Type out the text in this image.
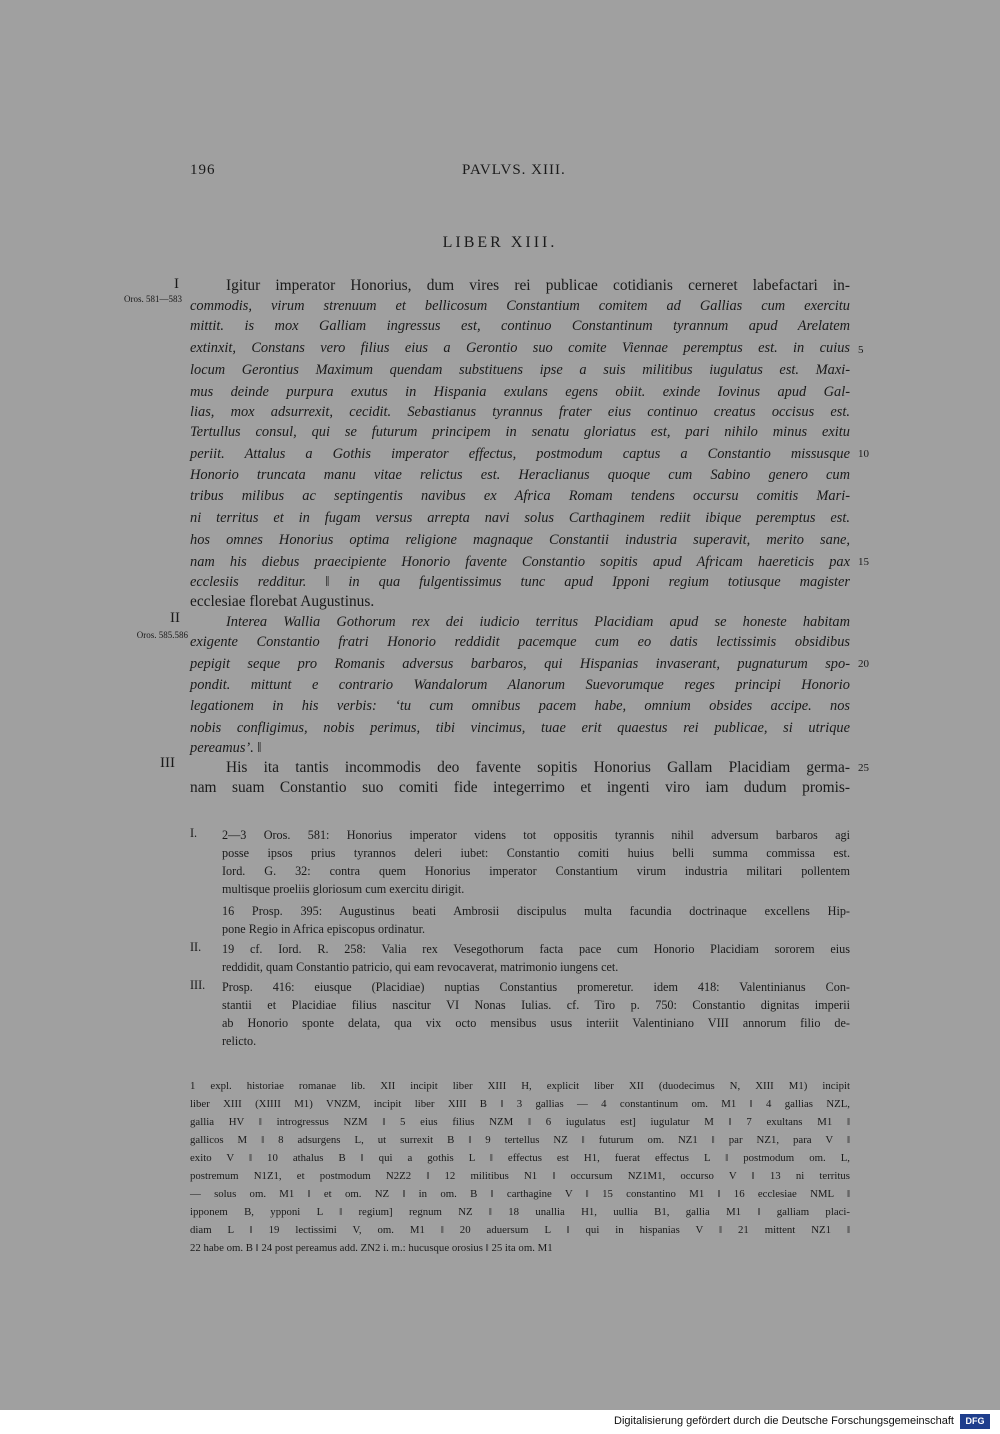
196	PAVLVS. XIII.
LIBER XIII.
I
Oros. 581—583
II
Oros. 585.586
III
Igitur imperator Honorius, dum vires rei publicae cotidianis cerneret labefactari in-
commodis, virum strenuum et bellicosum Constantium comitem ad Gallias cum exercitu
mittit. is mox Galliam ingressus est, continuo Constantinum tyrannum apud Arelatem
extinxit, Constans vero filius eius a Gerontio suo comite Viennae peremptus est. in cuius
locum Gerontius Maximum quendam substituens ipse a suis militibus iugulatus est. Maxi-
mus deinde purpura exutus in Hispania exulans egens obiit. exinde Iovinus apud Gal-
lias, mox adsurrexit, cecidit. Sebastianus tyrannus frater eius continuo creatus occisus est.
Tertullus consul, qui se futurum principem in senatu gloriatus est, pari nihilo minus exitu
periit. Attalus a Gothis imperator effectus, postmodum captus a Constantio missusque
Honorio truncata manu vitae relictus est. Heraclianus quoque cum Sabino genero cum
tribus milibus ac septingentis navibus ex Africa Romam tendens occursu comitis Mari-
ni territus et in fugam versus arrepta navi solus Carthaginem rediit ibique peremptus est.
hos omnes Honorius optima religione magnaque Constantii industria superavit, merito sane,
nam his diebus praecipiente Honorio favente Constantio sopitis apud Africam haereticis pax
ecclesiis redditur. ‖ in qua fulgentissimus tunc apud Ipponi regium totiusque magister
ecclesiae florebat Augustinus.
Interea Wallia Gothorum rex dei iudicio territus Placidiam apud se honeste habitam
exigente Constantio fratri Honorio reddidit pacemque cum eo datis lectissimis obsidibus
pepigit seque pro Romanis adversus barbaros, qui Hispanias invaserant, pugnaturum spo-
pondit. mittunt e contrario Wandalorum Alanorum Suevorumque reges principi Honorio
legationem in his verbis: ‘tu cum omnibus pacem habe, omnium obsides accipe. nos
nobis confligimus, nobis perimus, tibi vincimus, tuae erit quaestus rei publicae, si utrique
pereamus’. ‖
His ita tantis incommodis deo favente sopitis Honorius Gallam Placidiam germa-
nam suam Constantio suo comiti fide integerrimo et ingenti viro iam dudum promis-
5
10
15
20
25
I. 2—3 Oros. 581: Honorius imperator videns tot oppositis tyrannis nihil adversum barbaros agi
posse ipsos prius tyrannos deleri iubet: Constantio comiti huius belli summa commissa est.
Iord. G. 32: contra quem Honorius imperator Constantium virum industria militari pollentem
multisque proeliis gloriosum cum exercitu dirigit.
16 Prosp. 395: Augustinus beati Ambrosii discipulus multa facundia doctrinaque excellens Hip-
pone Regio in Africa episcopus ordinatur.
II. 19 cf. Iord. R. 258: Valia rex Vesegothorum facta pace cum Honorio Placidiam sororem eius
reddidit, quam Constantio patricio, qui eam revocaverat, matrimonio iungens cet.
III. Prosp. 416: eiusque (Placidiae) nuptias Constantius promeretur. idem 418: Valentinianus Con-
stantii et Placidiae filius nascitur VI Nonas Iulias. cf. Tiro p. 750: Constantio dignitas imperii
ab Honorio sponte delata, qua vix octo mensibus usus interiit Valentiniano VIII annorum filio de-
relicto.
1 expl. historiae romanae lib. XII incipit liber XIII H, explicit liber XII (duodecimus N, XIII M1) incipit
liber XIII (XIIII M1) VNZM, incipit liber XIII B ‖ 3 gallias — 4 constantinum om. M1 ‖ 4 gallias NZL,
gallia HV ‖ introgressus NZM ‖ 5 eius filius NZM ‖ 6 iugulatus est] iugulatur M ‖ 7 exultans M1 ‖
gallicos M ‖ 8 adsurgens L, ut surrexit B ‖ 9 tertellus NZ ‖ futurum om. NZ1 ‖ par NZ1, para V ‖
exito V ‖ 10 athalus B ‖ qui a gothis L ‖ effectus est H1, fuerat effectus L ‖ postmodum om. L,
postremum N1Z1, et postmodum N2Z2 ‖ 12 militibus N1 ‖ occursum NZ1M1, occurso V ‖ 13 ni territus
— solus om. M1 ‖ et om. NZ ‖ in om. B ‖ carthagine V ‖ 15 constantino M1 ‖ 16 ecclesiae NML ‖
ipponem B, ypponi L ‖ regium] regnum NZ ‖ 18 unallia H1, uullia B1, gallia M1 ‖ galliam placi-
diam L ‖ 19 lectissimi V, om. M1 ‖ 20 aduersum L ‖ qui in hispanias V ‖ 21 mittent NZ1 ‖
22 habe om. B ‖ 24 post pereamus add. ZN2 i. m.: hucusque orosius ‖ 25 ita om. M1
Digitalisierung gefördert durch die Deutsche Forschungsgemeinschaft	DFG
